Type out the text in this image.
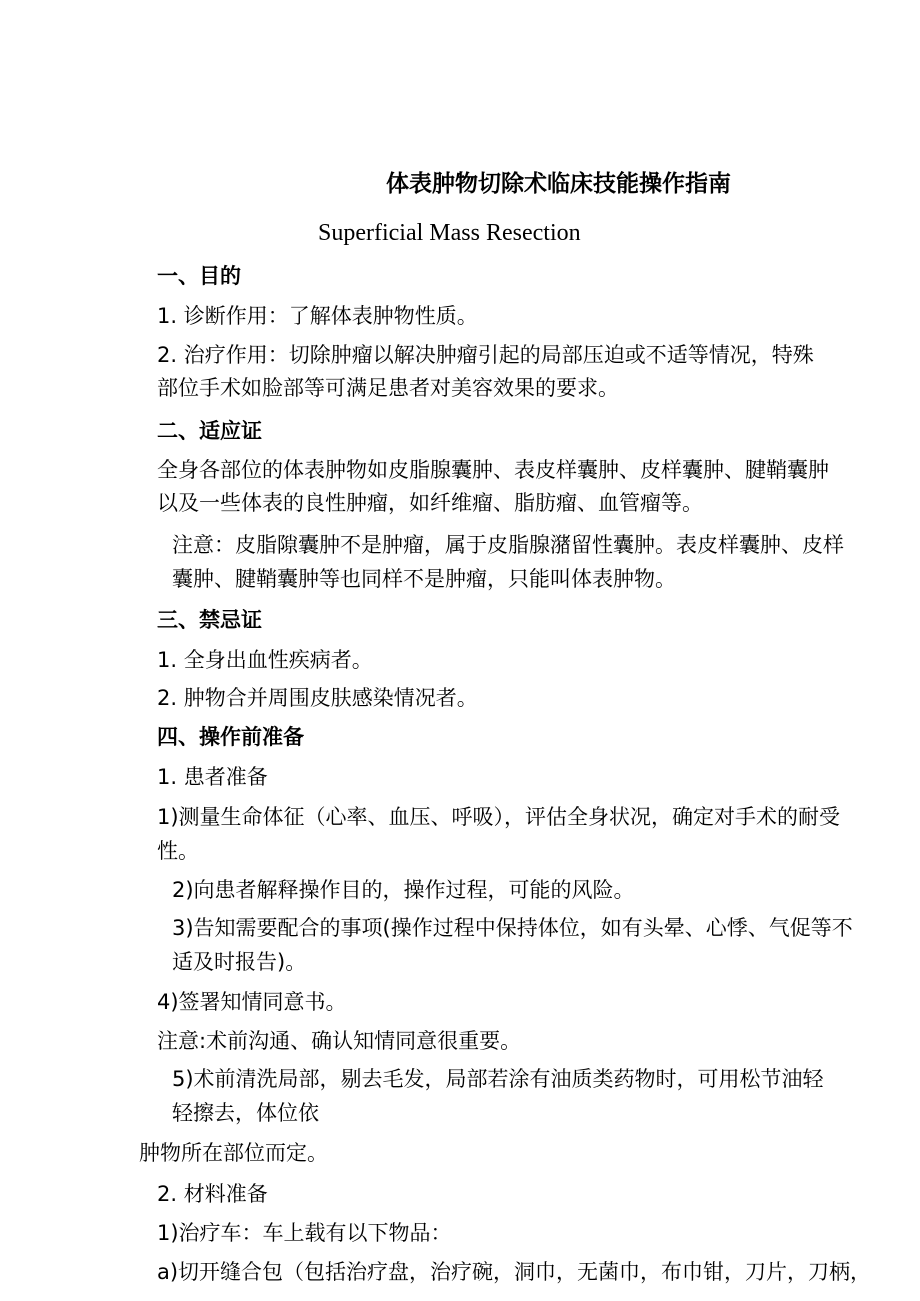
体表肿物切除术临床技能操作指南
Superficial Mass Resection
一、目的
1. 诊断作用：了解体表肿物性质。
2. 治疗作用：切除肿瘤以解决肿瘤引起的局部压迫或不适等情况，特殊
部位手术如脸部等可满足患者对美容效果的要求。
二、适应证
全身各部位的体表肿物如皮脂腺囊肿、表皮样囊肿、皮样囊肿、腱鞘囊肿
以及一些体表的良性肿瘤，如纤维瘤、脂肪瘤、血管瘤等。
注意：皮脂隙囊肿不是肿瘤，属于皮脂腺潴留性囊肿。表皮样囊肿、皮样
囊肿、腱鞘囊肿等也同样不是肿瘤，只能叫体表肿物。
三、禁忌证
1. 全身出血性疾病者。
2. 肿物合并周围皮肤感染情况者。
四、操作前准备
1. 患者准备
1)测量生命体征（心率、血压、呼吸），评估全身状况，确定对手术的耐受
性。
2)向患者解释操作目的，操作过程，可能的风险。
3)告知需要配合的事项(操作过程中保持体位，如有头晕、心悸、气促等不
适及时报告)。
4)签署知情同意书。
注意:术前沟通、确认知情同意很重要。
5)术前清洗局部，剔去毛发，局部若涂有油质类药物时，可用松节油轻
轻擦去，体位依
肿物所在部位而定。
2. 材料准备
1)治疗车：车上载有以下物品：
a)切开缝合包（包括治疗盘，治疗碗，洞巾，无菌巾，布巾钳，刀片，刀柄，
